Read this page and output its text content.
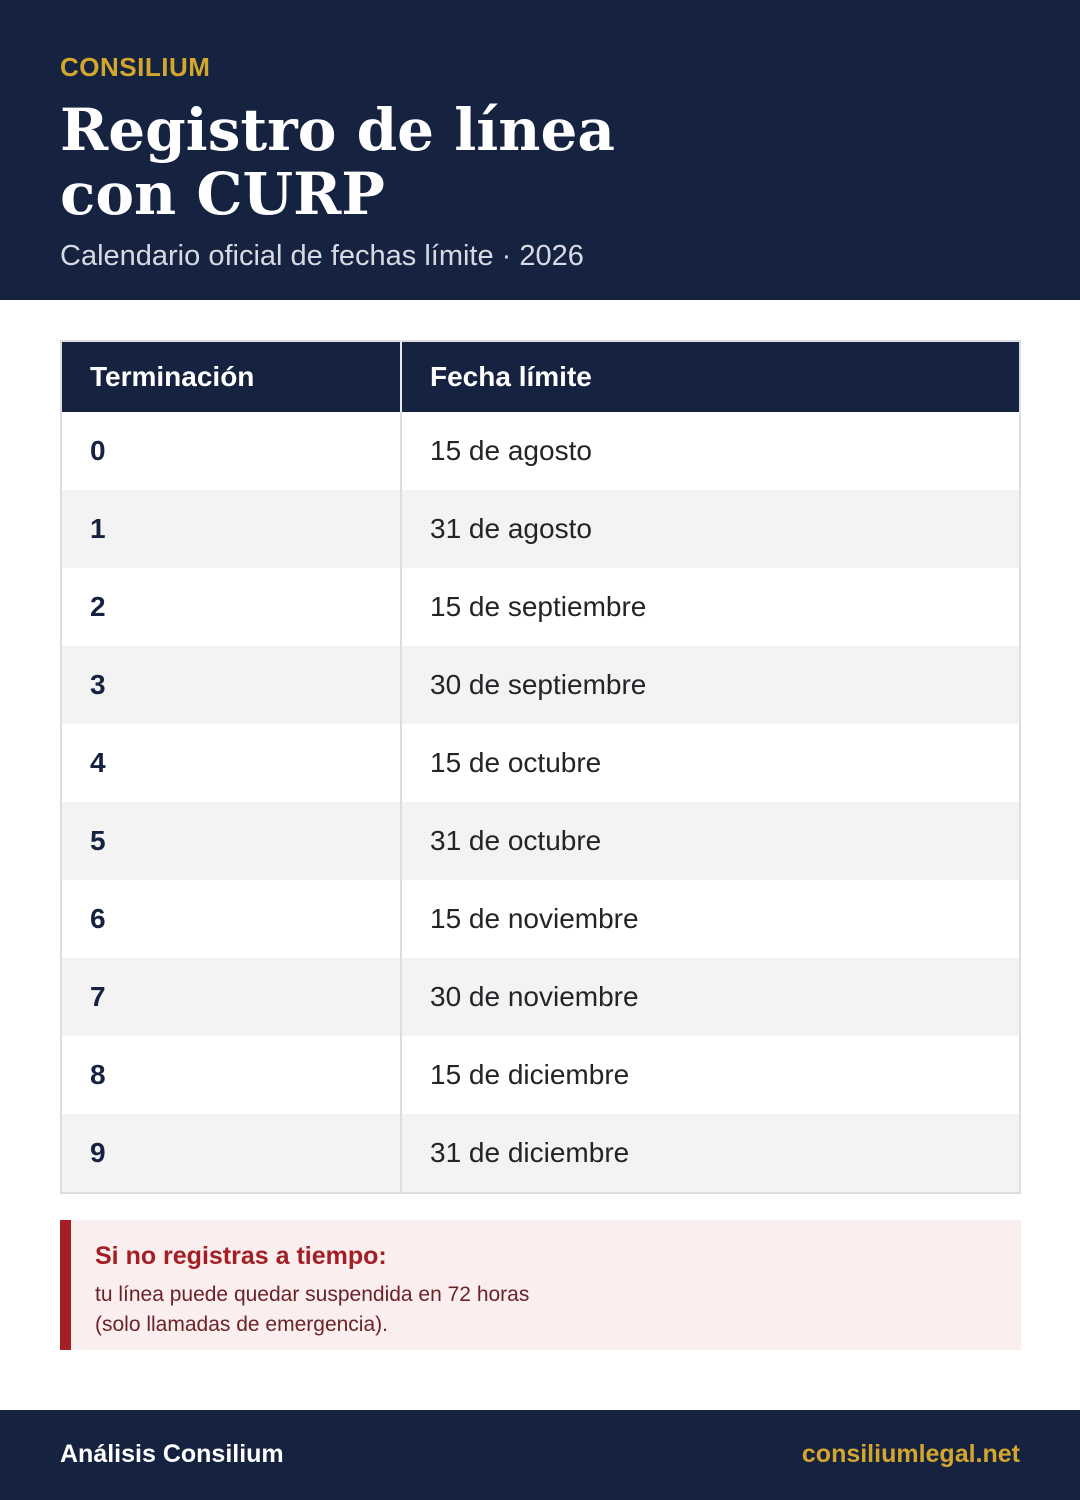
CONSILIUM
Registro de línea
con CURP
Calendario oficial de fechas límite · 2026
Terminación	Fecha límite
0	15 de agosto
1	31 de agosto
2	15 de septiembre
3	30 de septiembre
4	15 de octubre
5	31 de octubre
6	15 de noviembre
7	30 de noviembre
8	15 de diciembre
9	31 de diciembre
Si no registras a tiempo:
tu línea puede quedar suspendida en 72 horas
(solo llamadas de emergencia).
Análisis Consilium	consiliumlegal.net
